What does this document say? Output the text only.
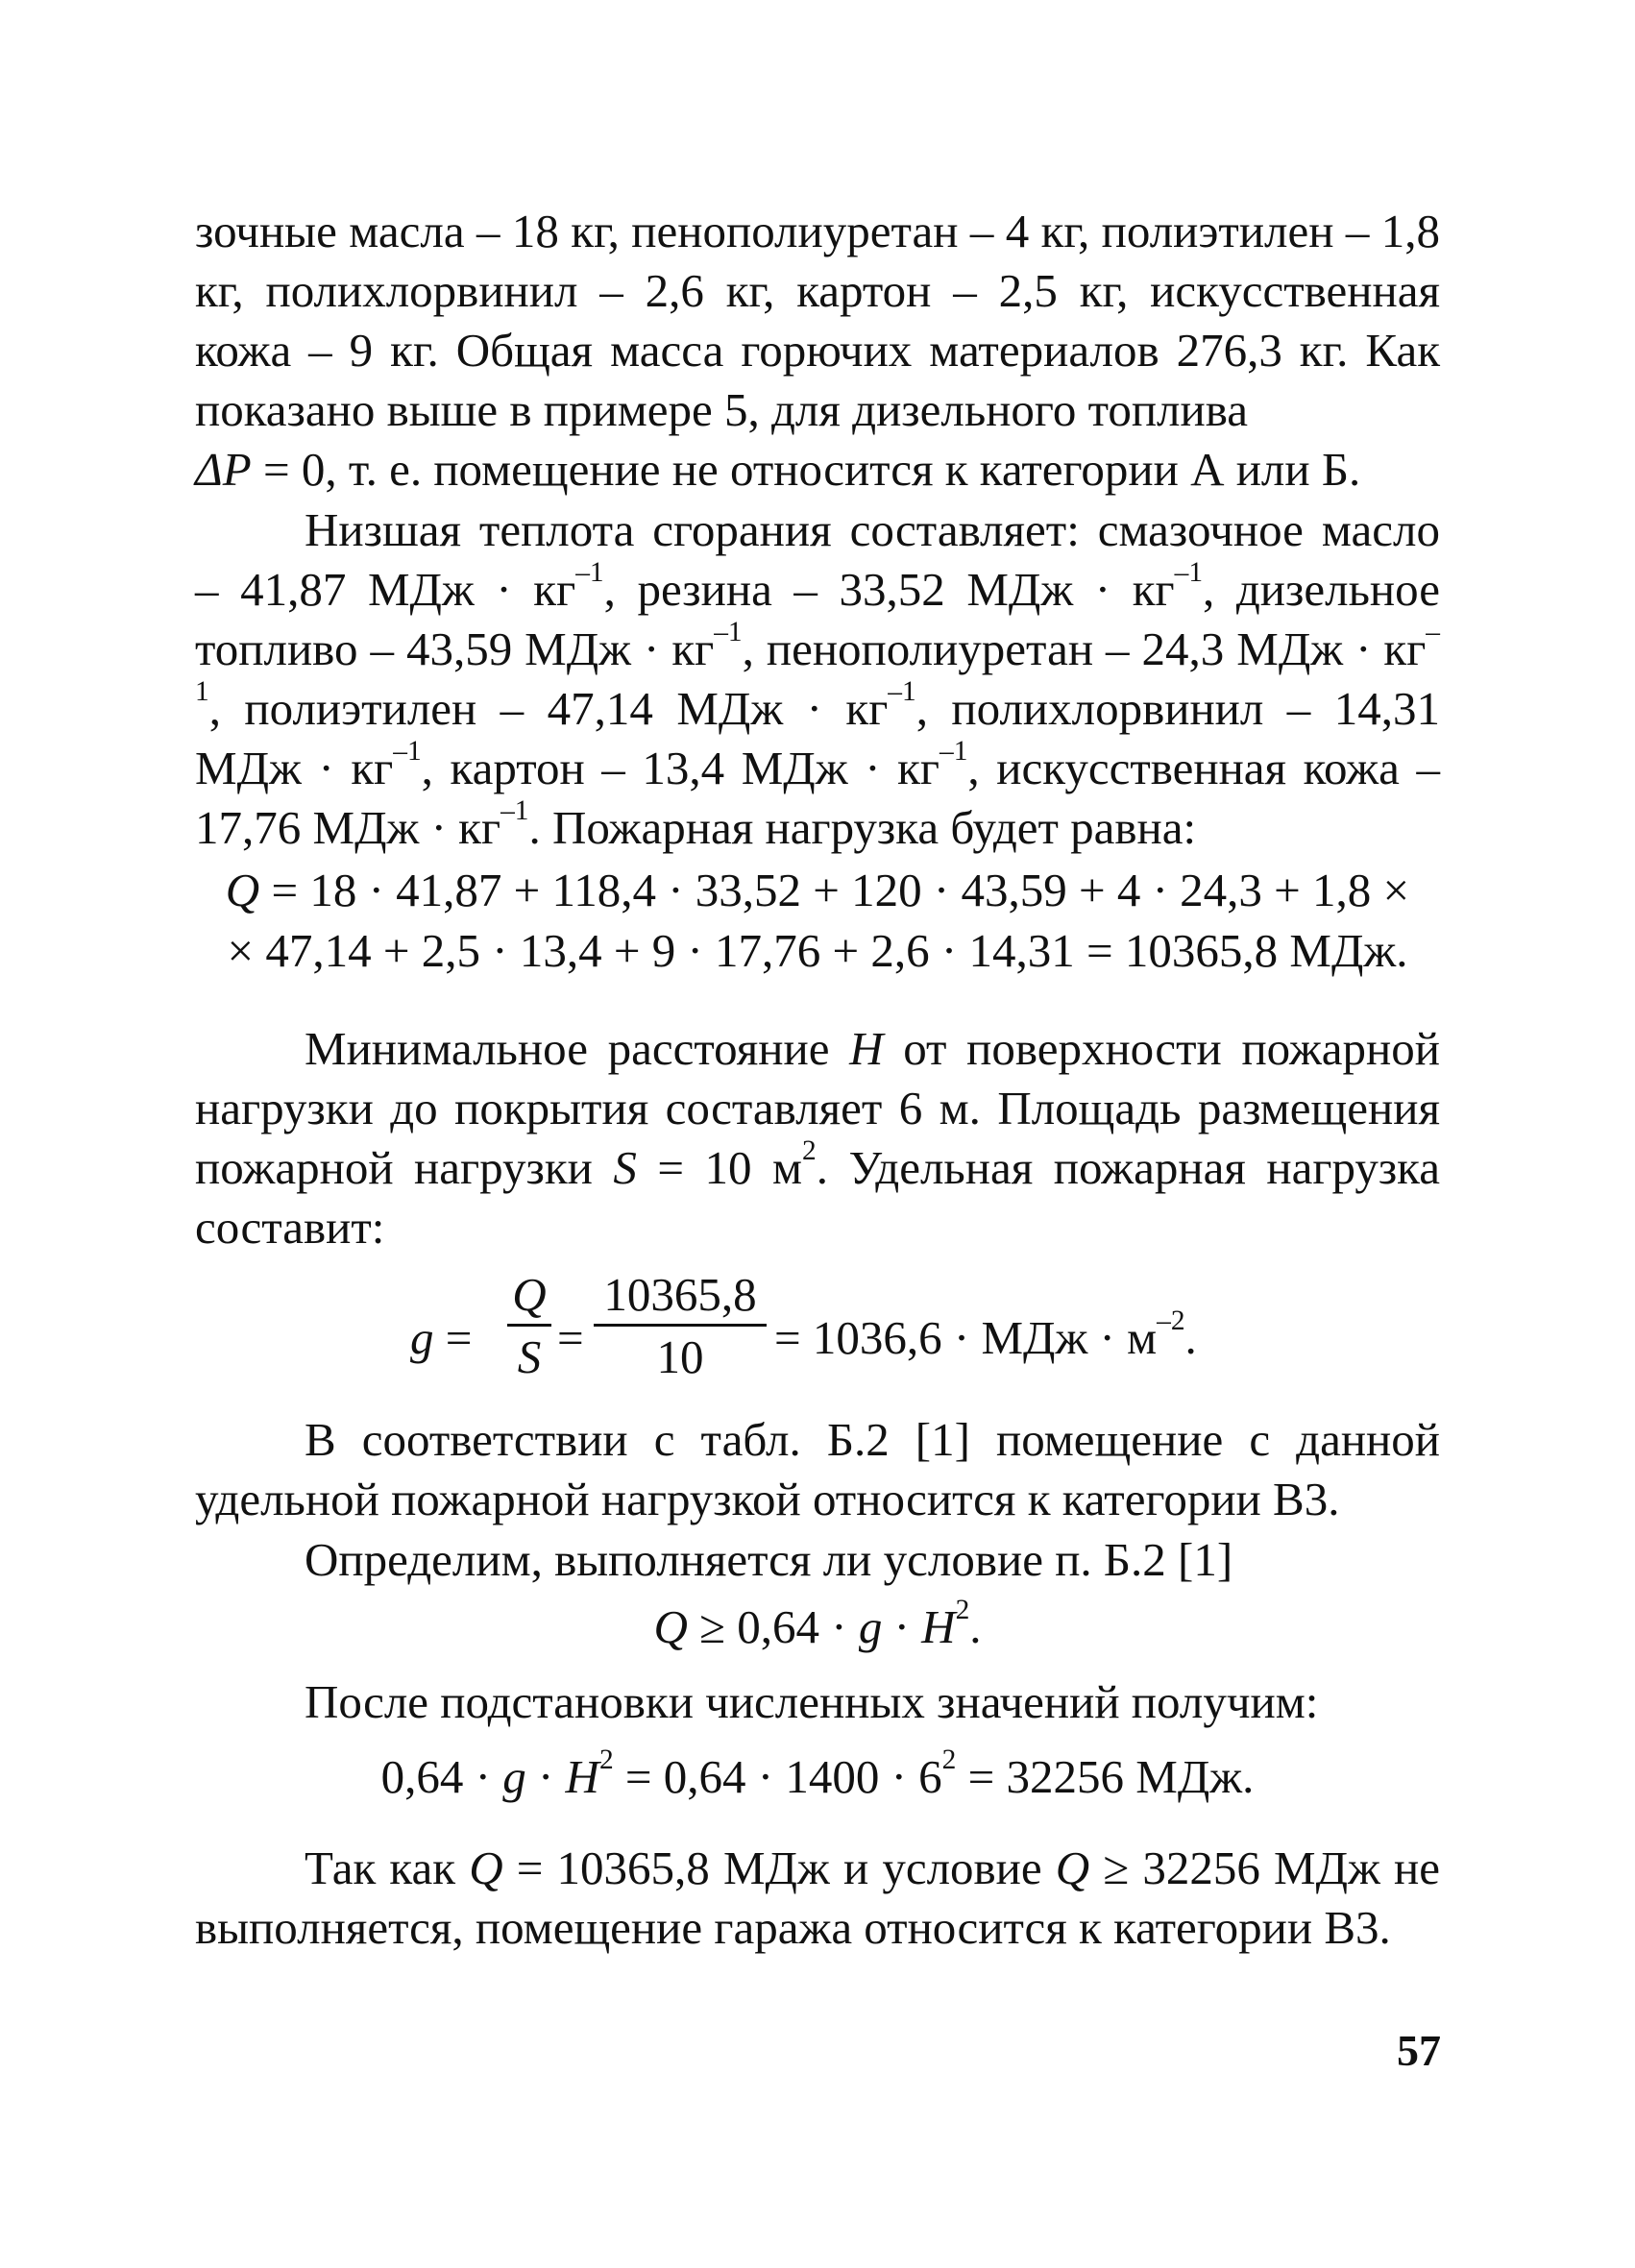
зочные масла – 18 кг, пенополиуретан – 4 кг, полиэтилен – 1,8 кг, полихлорвинил – 2,6 кг, картон – 2,5 кг, искусственная кожа – 9 кг. Общая масса горючих материалов 276,3 кг. Как показано выше в примере 5, для дизельного топлива
ΔP = 0, т. е. помещение не относится к категории А или Б.

Низшая теплота сгорания составляет: смазочное масло – 41,87 МДж · $кг^{-1}$, резина – 33,52 МДж · $кг^{-1}$, дизельное топливо – 43,59 МДж · $кг^{-1}$, пенополиуретан – 24,3 МДж · $кг^{-1}$, полиэтилен – 47,14 МДж · $кг^{-1}$, полихлорвинил – 14,31 МДж · $кг^{-1}$, картон – 13,4 МДж · $кг^{-1}$, искусственная кожа – 17,76 МДж · $кг^{-1}$. Пожарная нагрузка будет равна:

Q = 18 · 41,87 + 118,4 · 33,52 + 120 · 43,59 + 4 · 24,3 + 1,8 ×
× 47,14 + 2,5 · 13,4 + 9 · 17,76 + 2,6 · 14,31 = 10365,8 МДж.

Минимальное расстояние H от поверхности пожарной нагрузки до покрытия составляет 6 м. Площадь размещения пожарной нагрузки S = 10 $м^2$. Удельная пожарная нагрузка составит:

g =
Q
S =
10365,8
10	= 1036,6 · МДж · $м^{-2}$.

В соответствии с табл. Б.2 [1] помещение с данной удельной пожарной нагрузкой относится к категории В3.

Определим, выполняется ли условие п. Б.2 [1]

$Q \ge 0,64 \cdot g \cdot H^2$.

После подстановки численных значений получим:

$0,64 \cdot g \cdot H^2 = 0,64 \cdot 1400 \cdot 6^2 = 32256$ МДж.

Так как Q = 10365,8 МДж и условие Q ≥ 32256 МДж не выполняется, помещение гаража относится к категории В3.

57
